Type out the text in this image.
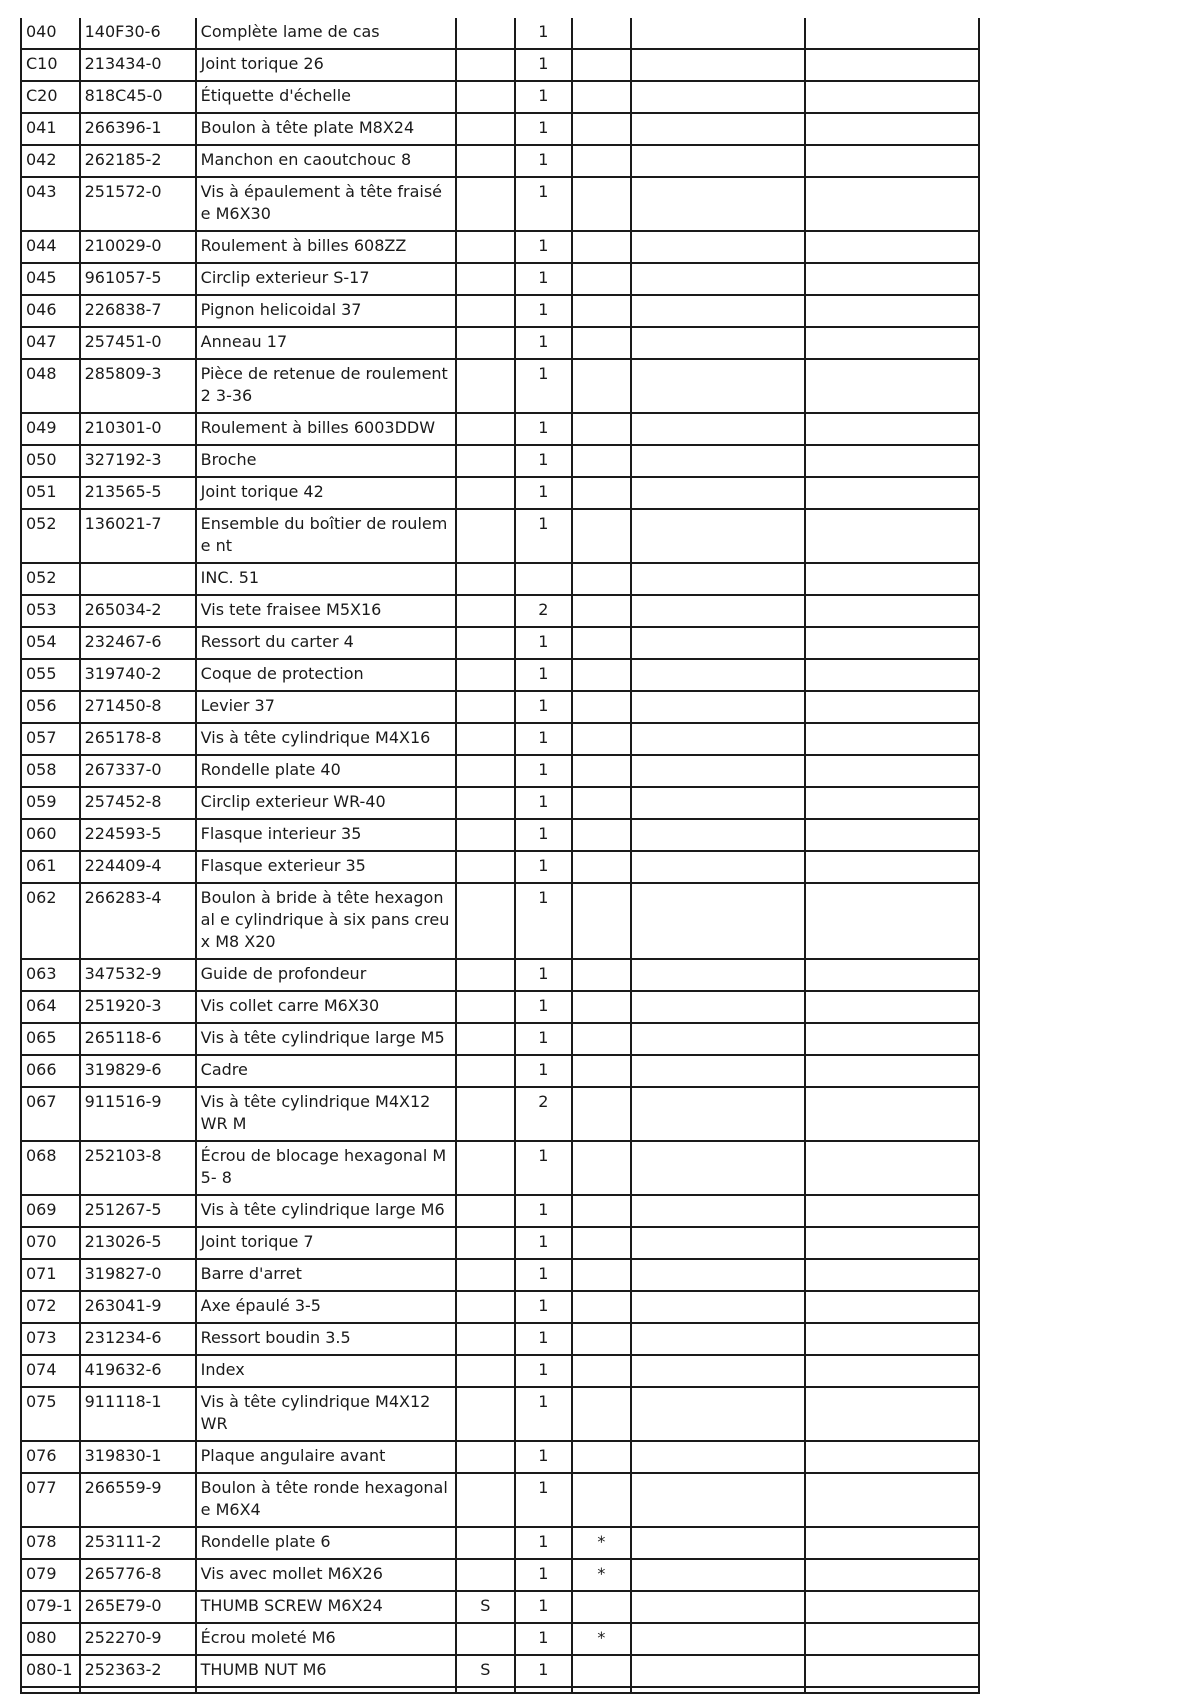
040	140F30-6	Complète lame de cas		1			
C10	213434-0	Joint torique 26		1			
C20	818C45-0	Étiquette d'échelle		1			
041	266396-1	Boulon à tête plate M8X24		1			
042	262185-2	Manchon en caoutchouc 8		1			
043	251572-0	Vis à épaulement à tête fraisée M6X30		1			
044	210029-0	Roulement à billes 608ZZ		1			
045	961057-5	Circlip exterieur S-17		1			
046	226838-7	Pignon helicoidal 37		1			
047	257451-0	Anneau 17		1			
048	285809-3	Pièce de retenue de roulement 2 3-36		1			
049	210301-0	Roulement à billes 6003DDW		1			
050	327192-3	Broche		1			
051	213565-5	Joint torique 42		1			
052	136021-7	Ensemble du boîtier de rouleme nt		1			
052		INC. 51					
053	265034-2	Vis tete fraisee M5X16		2			
054	232467-6	Ressort du carter 4		1			
055	319740-2	Coque de protection		1			
056	271450-8	Levier 37		1			
057	265178-8	Vis à tête cylindrique M4X16		1			
058	267337-0	Rondelle plate 40		1			
059	257452-8	Circlip exterieur WR-40		1			
060	224593-5	Flasque interieur 35		1			
061	224409-4	Flasque exterieur 35		1			
062	266283-4	Boulon à bride à tête hexagonal e cylindrique à six pans creux M8 X20		1			
063	347532-9	Guide de profondeur		1			
064	251920-3	Vis collet carre M6X30		1			
065	265118-6	Vis à tête cylindrique large M5		1			
066	319829-6	Cadre		1			
067	911516-9	Vis à tête cylindrique M4X12 WR M		2			
068	252103-8	Écrou de blocage hexagonal M5- 8		1			
069	251267-5	Vis à tête cylindrique large M6		1			
070	213026-5	Joint torique 7		1			
071	319827-0	Barre d'arret		1			
072	263041-9	Axe épaulé 3-5		1			
073	231234-6	Ressort boudin 3.5		1			
074	419632-6	Index		1			
075	911118-1	Vis à tête cylindrique M4X12 WR		1			
076	319830-1	Plaque angulaire avant		1			
077	266559-9	Boulon à tête ronde hexagonale M6X4		1			
078	253111-2	Rondelle plate 6		1	*		
079	265776-8	Vis avec mollet M6X26		1	*		
079-1	265E79-0	THUMB SCREW M6X24	S	1			
080	252270-9	Écrou moleté M6		1	*		
080-1	252363-2	THUMB NUT M6	S	1			
